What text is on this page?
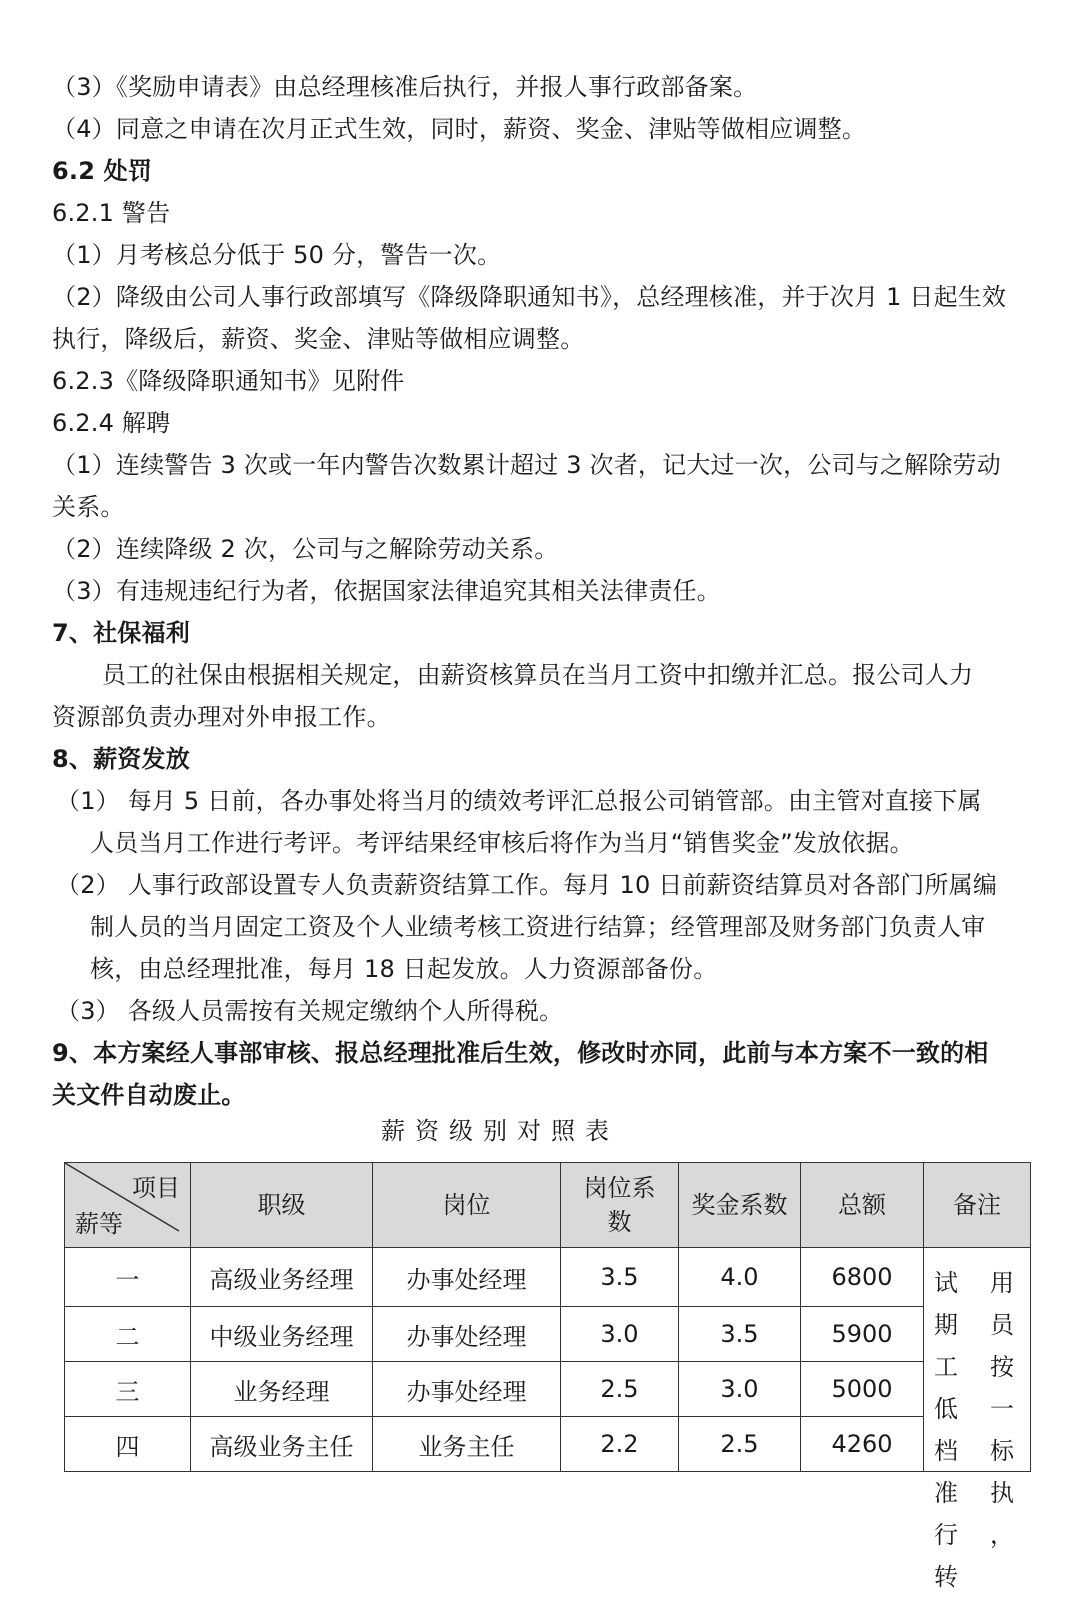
（3）《奖励申请表》由总经理核准后执行，并报人事行政部备案。
（4）同意之申请在次月正式生效，同时，薪资、奖金、津贴等做相应调整。
6.2 处罚
6.2.1 警告
（1）月考核总分低于 50 分，警告一次。
（2）降级由公司人事行政部填写《降级降职通知书》，总经理核准，并于次月 1 日起生效
执行，降级后，薪资、奖金、津贴等做相应调整。
6.2.3《降级降职通知书》见附件
6.2.4 解聘
（1）连续警告 3 次或一年内警告次数累计超过 3 次者，记大过一次，公司与之解除劳动
关系。
（2）连续降级 2 次，公司与之解除劳动关系。
（3）有违规违纪行为者，依据国家法律追究其相关法律责任。
7、社保福利
员工的社保由根据相关规定，由薪资核算员在当月工资中扣缴并汇总。报公司人力
资源部负责办理对外申报工作。
8、薪资发放
（1） 每月 5 日前，各办事处将当月的绩效考评汇总报公司销管部。由主管对直接下属
人员当月工作进行考评。考评结果经审核后将作为当月“销售奖金”发放依据。
（2） 人事行政部设置专人负责薪资结算工作。每月 10 日前薪资结算员对各部门所属编
制人员的当月固定工资及个人业绩考核工资进行结算；经管理部及财务部门负责人审
核，由总经理批准，每月 18 日起发放。人力资源部备份。
（3） 各级人员需按有关规定缴纳个人所得税。
9、本方案经人事部审核、报总经理批准后生效，修改时亦同，此前与本方案不一致的相
关文件自动废止。
薪资级别对照表
项目
薪等	职级	岗位	岗位系数	奖金系数	总额	备注
一	高级业务经理	办事处经理	3.5	4.0	6800	试用期员工按低一档标准执行，转

二	中级业务经理	办事处经理	3.0	3.5	5900	
三	业务经理	办事处经理	2.5	3.0	5000	
四	高级业务主任	业务主任	2.2	2.5	4260	
